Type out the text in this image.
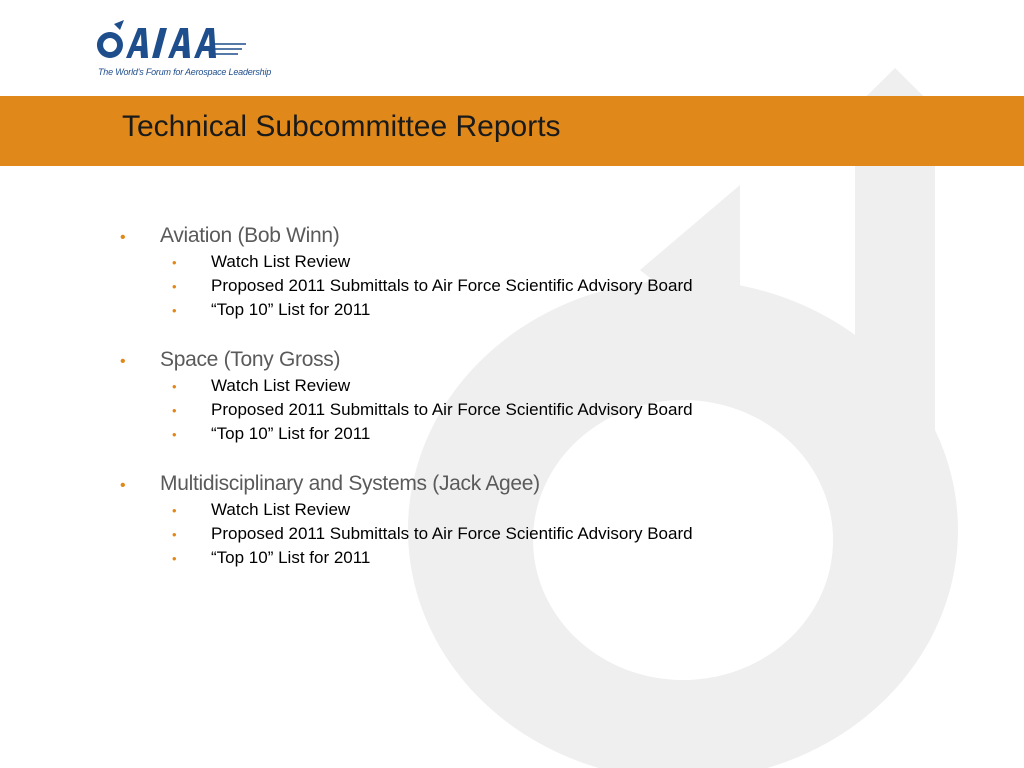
The World's Forum for Aerospace Leadership
Technical Subcommittee Reports
•	Aviation (Bob Winn)
•	Watch List Review
•	Proposed 2011 Submittals to Air Force Scientific Advisory Board
•	“Top 10” List for 2011
•	Space (Tony Gross)
•	Watch List Review
•	Proposed 2011 Submittals to Air Force Scientific Advisory Board
•	“Top 10” List for 2011
•	Multidisciplinary and Systems (Jack Agee)
•	Watch List Review
•	Proposed 2011 Submittals to Air Force Scientific Advisory Board
•	“Top 10” List for 2011
